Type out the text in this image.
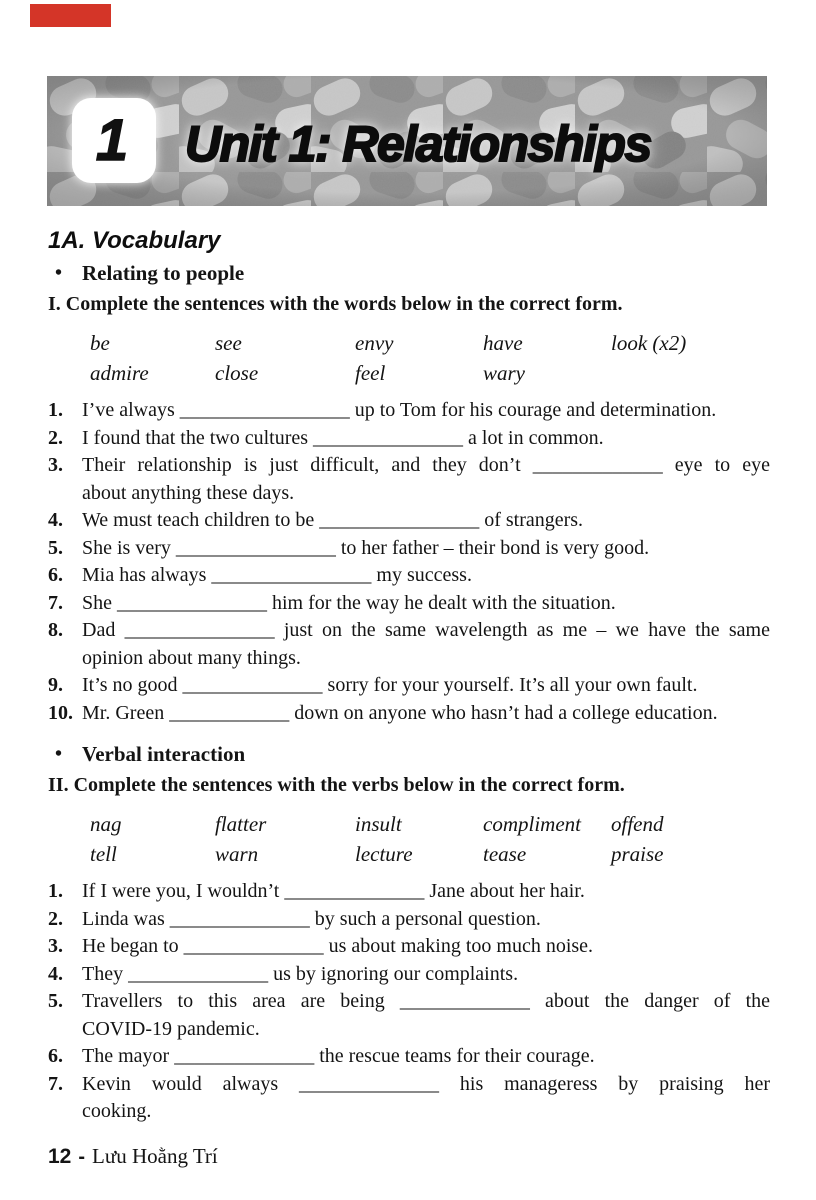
1 Unit 1: Relationships
1A. Vocabulary
• Relating to people

I. Complete the sentences with the words below in the correct form.

be	see	envy	have	look (x2)
admire	close	feel	wary
1. I’ve always _________________ up to Tom for his courage and determination.
2. I found that the two cultures _______________ a lot in common.
3. Their relationship is just difficult, and they don’t _____________ eye to eye
about anything these days.
4. We must teach children to be ________________ of strangers.
5. She is very ________________ to her father – their bond is very good.
6. Mia has always ________________ my success.
7. She _______________ him for the way he dealt with the situation.
8. Dad _______________ just on the same wavelength as me – we have the same
opinion about many things.
9. It’s no good ______________ sorry for your yourself. It’s all your own fault.
10. Mr. Green ____________ down on anyone who hasn’t had a college education.
• Verbal interaction

II. Complete the sentences with the verbs below in the correct form.

nag	flatter	insult	compliment	offend
tell	warn	lecture	tease	praise
1. If I were you, I wouldn’t ______________ Jane about her hair.
2. Linda was ______________ by such a personal question.
3. He began to ______________ us about making too much noise.
4. They ______________ us by ignoring our complaints.
5. Travellers to this area are being _____________ about the danger of the
COVID-19 pandemic.
6. The mayor ______________ the rescue teams for their courage.
7. Kevin would always ______________ his manageress by praising her
cooking.
12 - Lưu Hoằng Trí
